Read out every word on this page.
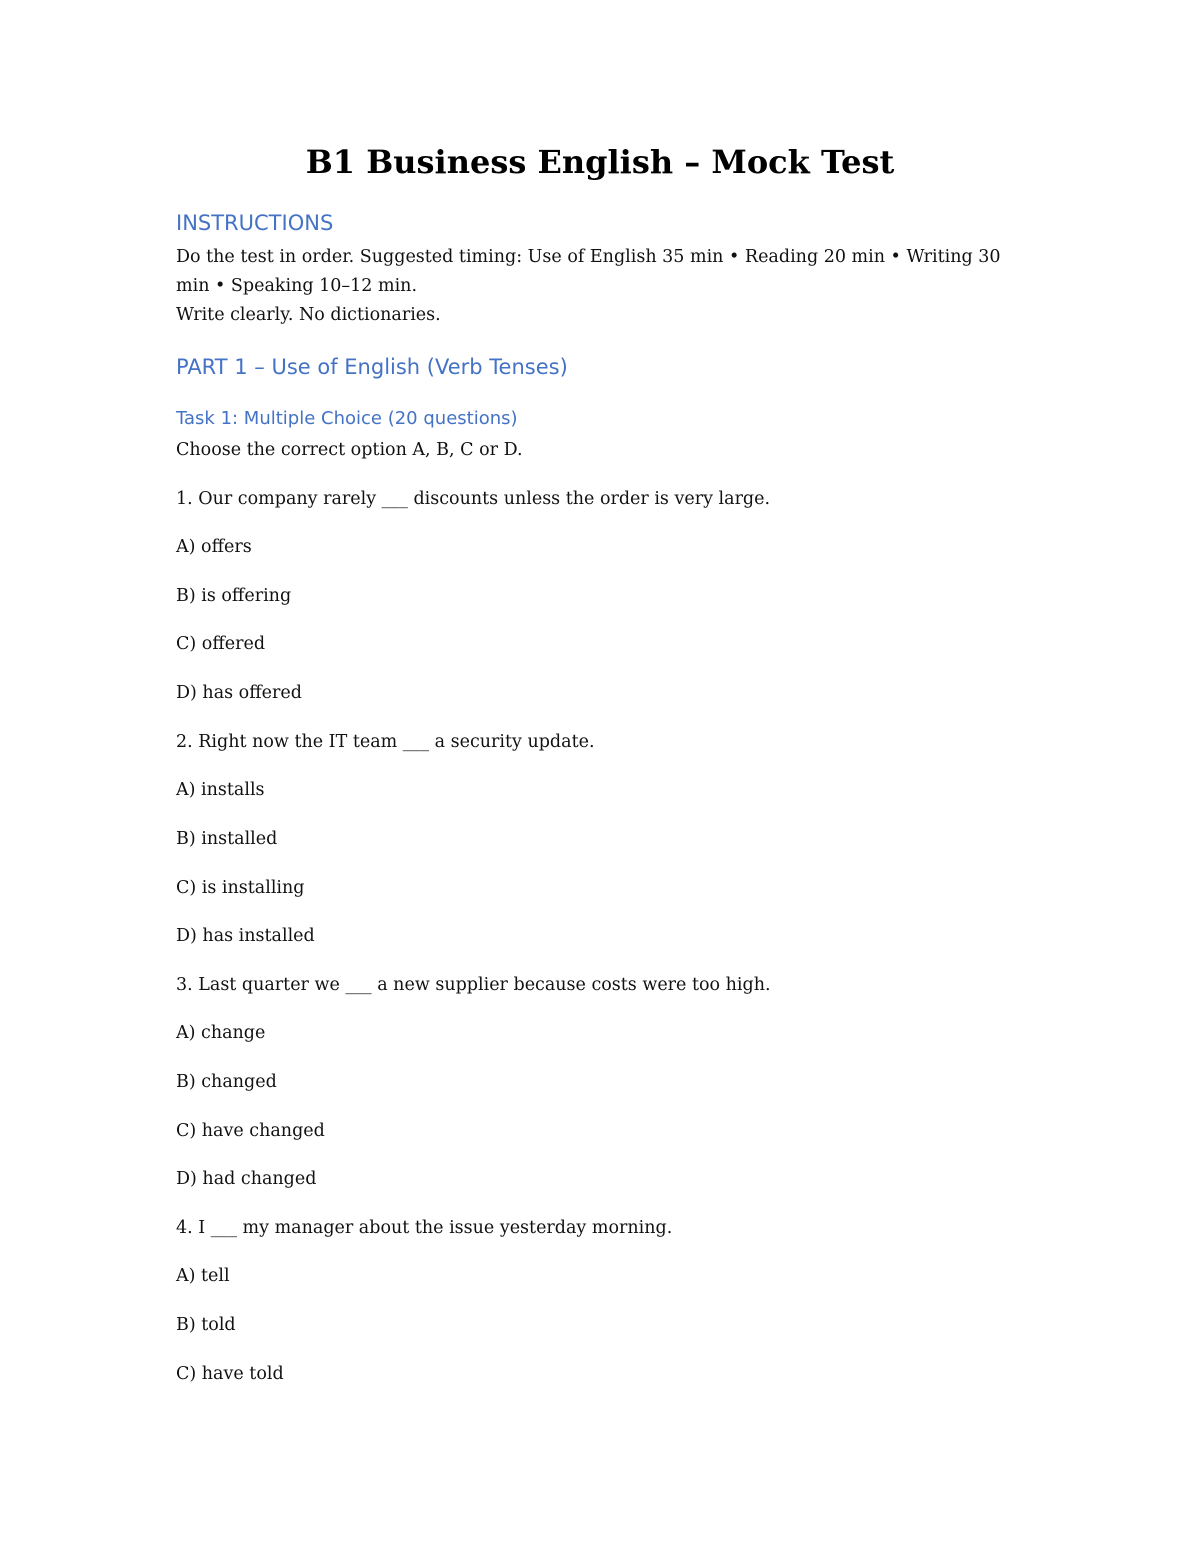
B1 Business English – Mock Test
INSTRUCTIONS
Do the test in order. Suggested timing: Use of English 35 min • Reading 20 min • Writing 30
min • Speaking 10–12 min.
Write clearly. No dictionaries.
PART 1 – Use of English (Verb Tenses)
Task 1: Multiple Choice (20 questions)
Choose the correct option A, B, C or D.
1. Our company rarely ___ discounts unless the order is very large.
A) offers
B) is offering
C) offered
D) has offered
2. Right now the IT team ___ a security update.
A) installs
B) installed
C) is installing
D) has installed
3. Last quarter we ___ a new supplier because costs were too high.
A) change
B) changed
C) have changed
D) had changed
4. I ___ my manager about the issue yesterday morning.
A) tell
B) told
C) have told
